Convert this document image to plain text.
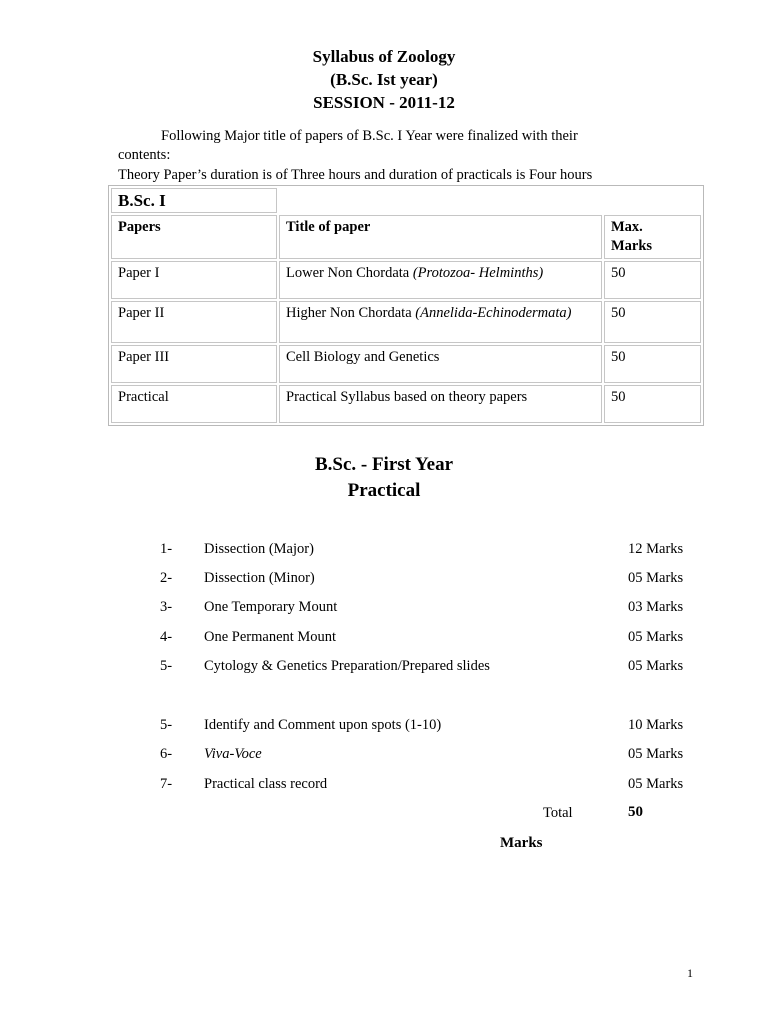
Syllabus of Zoology
(B.Sc. Ist year)
SESSION - 2011-12
Following Major title of papers of B.Sc. I Year were finalized with their
contents:
Theory Paper’s duration is of Three hours and duration of practicals is Four hours
B.Sc. I		
Papers	Title of paper	Max.
Marks
Paper I	Lower Non Chordata (Protozoa- Helminths)	50
Paper II	Higher Non Chordata (Annelida-Echinodermata)	50
Paper III	Cell Biology and Genetics	50
Practical	Practical Syllabus based on theory papers	50
B.Sc. - First Year
Practical
1- Dissection (Major)	12 Marks
2- Dissection (Minor)	05 Marks
3- One Temporary Mount	03 Marks
4- One Permanent Mount	05 Marks
5- Cytology & Genetics Preparation/Prepared slides	05 Marks
5- Identify and Comment upon spots (1-10)	10 Marks
6- Viva-Voce	05 Marks
7- Practical class record	05 Marks
Total	50
Marks
1
